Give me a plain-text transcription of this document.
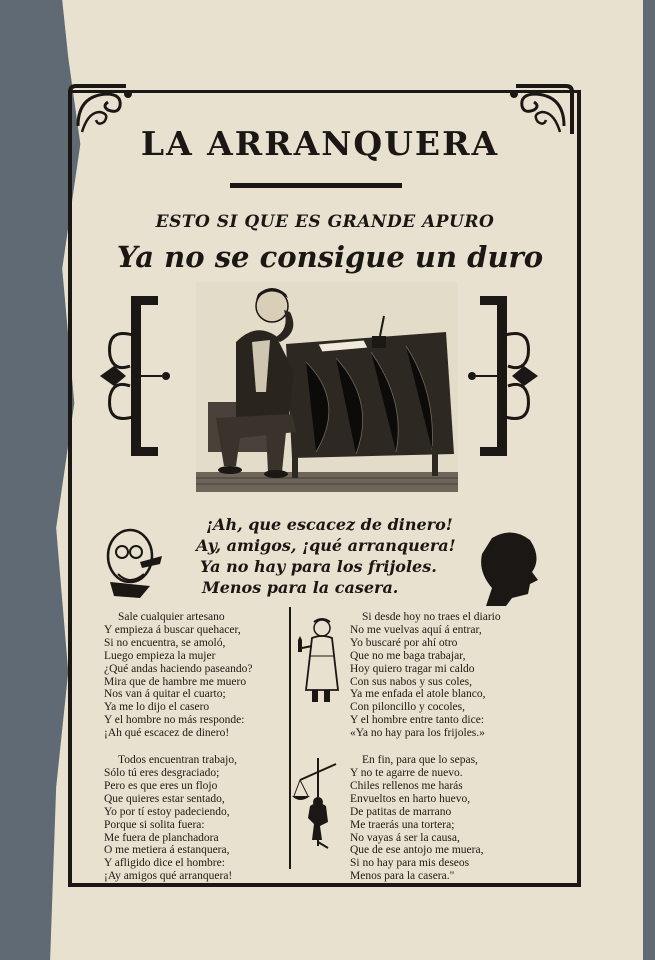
LA ARRANQUERA
ESTO SI QUE ES GRANDE APURO
Ya no se consigue un duro
¡Ah, que escacez de dinero!
Ay, amigos, ¡qué arranquera!
Ya no hay para los frijoles.
Menos para la casera.
Sale cualquier artesano
Y empieza á buscar quehacer,
Si no encuentra, se amoló,
Luego empieza la mujer
¿Qué andas haciendo paseando?
Mira que de hambre me muero
Nos van á quitar el cuarto;
Ya me lo dijo el casero
Y el hombre no más responde:
¡Ah qué escacez de dinero!
Todos encuentran trabajo,
Sólo tú eres desgraciado;
Pero es que eres un flojo
Que quieres estar sentado,
Yo por tí estoy padeciendo,
Porque si solita fuera:
Me fuera de planchadora
O me metiera á estanquera,
Y afligido dice el hombre:
¡Ay amigos qué arranquera!
Si desde hoy no traes el diario
No me vuelvas aquí á entrar,
Yo buscaré por ahí otro
Que no me baga trabajar,
Hoy quiero tragar mi caldo
Con sus nabos y sus coles,
Ya me enfada el atole blanco,
Con piloncillo y cocoles,
Y el hombre entre tanto dice:
«Ya no hay para los frijoles.»
En fin, para que lo sepas,
Y no te agarre de nuevo.
Chiles rellenos me harás
Envueltos en harto huevo,
De patitas de marrano
Me traerás una tortera;
No vayas á ser la causa,
Que de ese antojo me muera,
Si no hay para mis deseos
Menos para la casera."
